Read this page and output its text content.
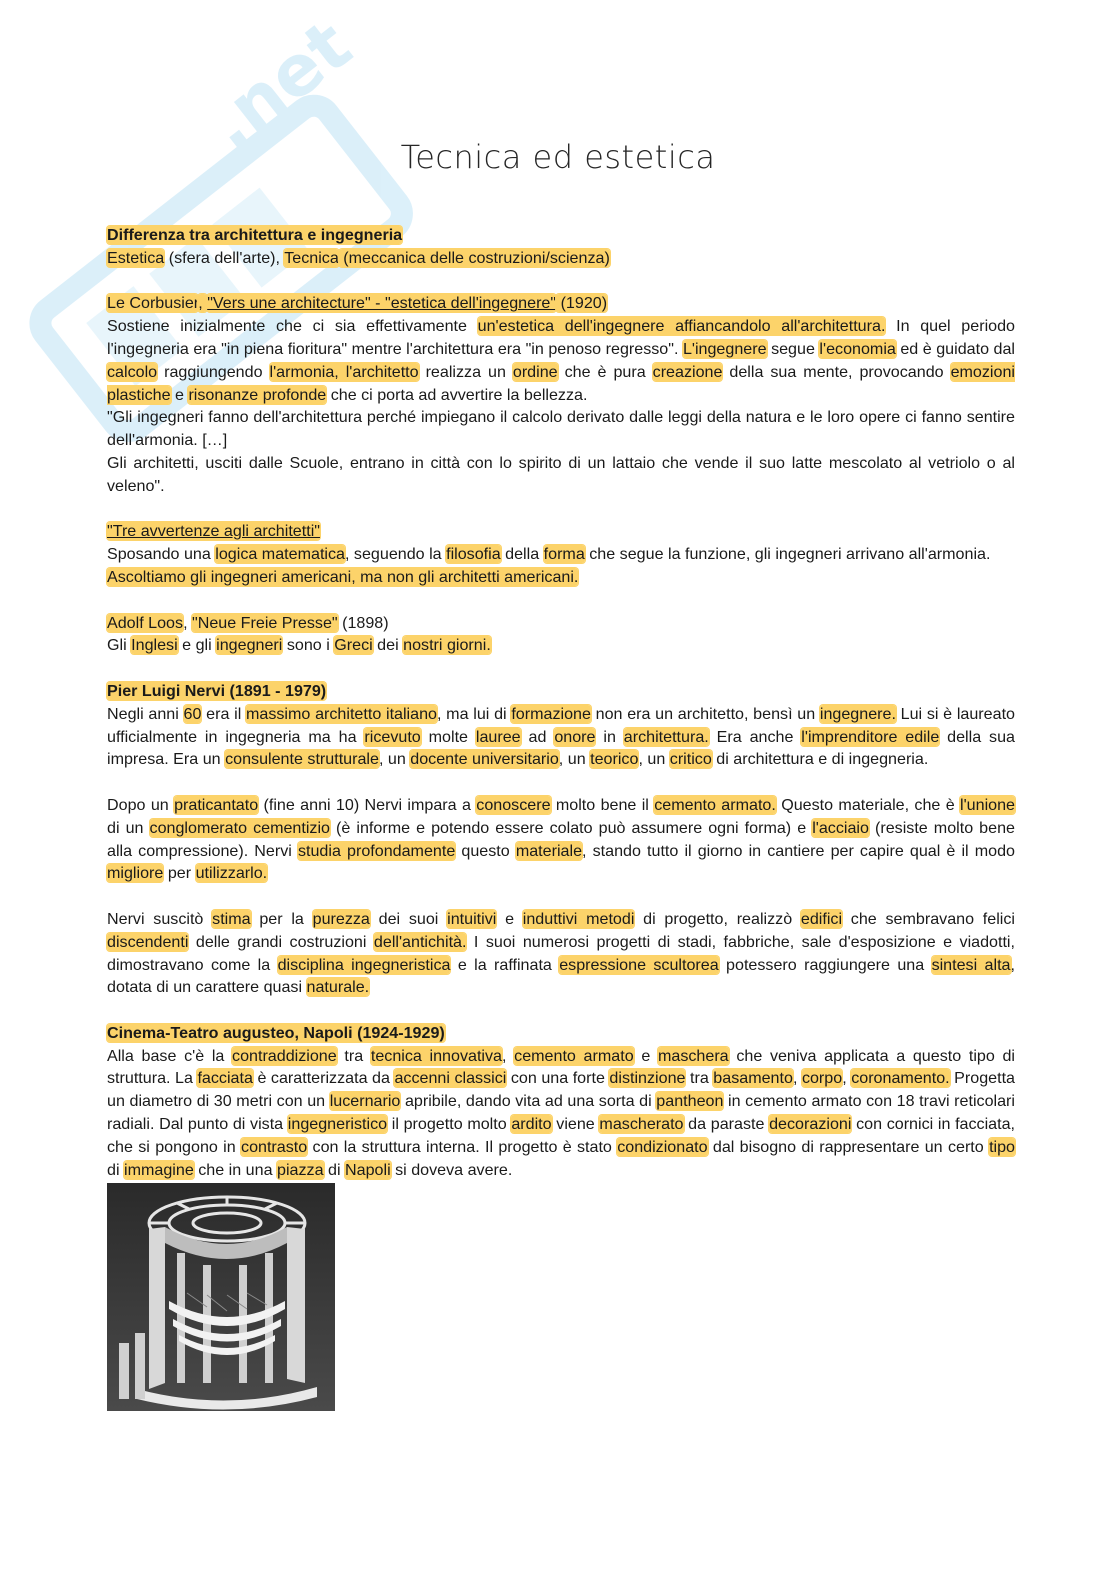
.net	Tecnica ed estetica

Differenza tra architettura e ingegneria

Estetica (sfera dell'arte), Tecnica (meccanica delle costruzioni/scienza)

Le Corbusier, "Vers une architecture" - "estetica dell'ingegnere" (1920)

Sostiene inizialmente che ci sia effettivamente un'estetica dell'ingegnere affiancandolo all'architettura. In quel periodo l'ingegneria era "in piena fioritura" mentre l'architettura era "in penoso regresso". L'ingegnere segue l'economia ed è guidato dal calcolo raggiungendo l'armonia, l'architetto realizza un ordine che è pura creazione della sua mente, provocando emozioni plastiche e risonanze profonde che ci porta ad avvertire la bellezza.

"Gli ingegneri fanno dell'architettura perché impiegano il calcolo derivato dalle leggi della natura e le loro opere ci fanno sentire dell'armonia. […]

Gli architetti, usciti dalle Scuole, entrano in città con lo spirito di un lattaio che vende il suo latte mescolato al vetriolo o al veleno".

"Tre avvertenze agli architetti"

Sposando una logica matematica, seguendo la filosofia della forma che segue la funzione, gli ingegneri arrivano all'armonia.

Ascoltiamo gli ingegneri americani, ma non gli architetti americani.

Adolf Loos, "Neue Freie Presse" (1898)

Gli Inglesi e gli ingegneri sono i Greci dei nostri giorni.

Pier Luigi Nervi (1891 - 1979)

Negli anni 60 era il massimo architetto italiano, ma lui di formazione non era un architetto, bensì un ingegnere. Lui si è laureato ufficialmente in ingegneria ma ha ricevuto molte lauree ad onore in architettura. Era anche l'imprenditore edile della sua impresa. Era un consulente strutturale, un docente universitario, un teorico, un critico di architettura e di ingegneria.

Dopo un praticantato (fine anni 10) Nervi impara a conoscere molto bene il cemento armato. Questo materiale, che è l'unione di un conglomerato cementizio (è informe e potendo essere colato può assumere ogni forma) e l'acciaio (resiste molto bene alla compressione). Nervi studia profondamente questo materiale, stando tutto il giorno in cantiere per capire qual è il modo migliore per utilizzarlo.

Nervi suscitò stima per la purezza dei suoi intuitivi e induttivi metodi di progetto, realizzò edifici che sembravano felici discendenti delle grandi costruzioni dell'antichità. I suoi numerosi progetti di stadi, fabbriche, sale d'esposizione e viadotti, dimostravano come la disciplina ingegneristica e la raffinata espressione scultorea potessero raggiungere una sintesi alta, dotata di un carattere quasi naturale.

Cinema-Teatro augusteo, Napoli (1924-1929)

Alla base c'è la contraddizione tra tecnica innovativa, cemento armato e maschera che veniva applicata a questo tipo di struttura. La facciata è caratterizzata da accenni classici con una forte distinzione tra basamento, corpo, coronamento. Progetta un diametro di 30 metri con un lucernario apribile, dando vita ad una sorta di pantheon in cemento armato con 18 travi reticolari radiali. Dal punto di vista ingegneristico il progetto molto ardito viene mascherato da paraste decorazioni con cornici in facciata, che si pongono in contrasto con la struttura interna. Il progetto è stato condizionato dal bisogno di rappresentare un certo tipo di immagine che in una piazza di Napoli si doveva avere.
